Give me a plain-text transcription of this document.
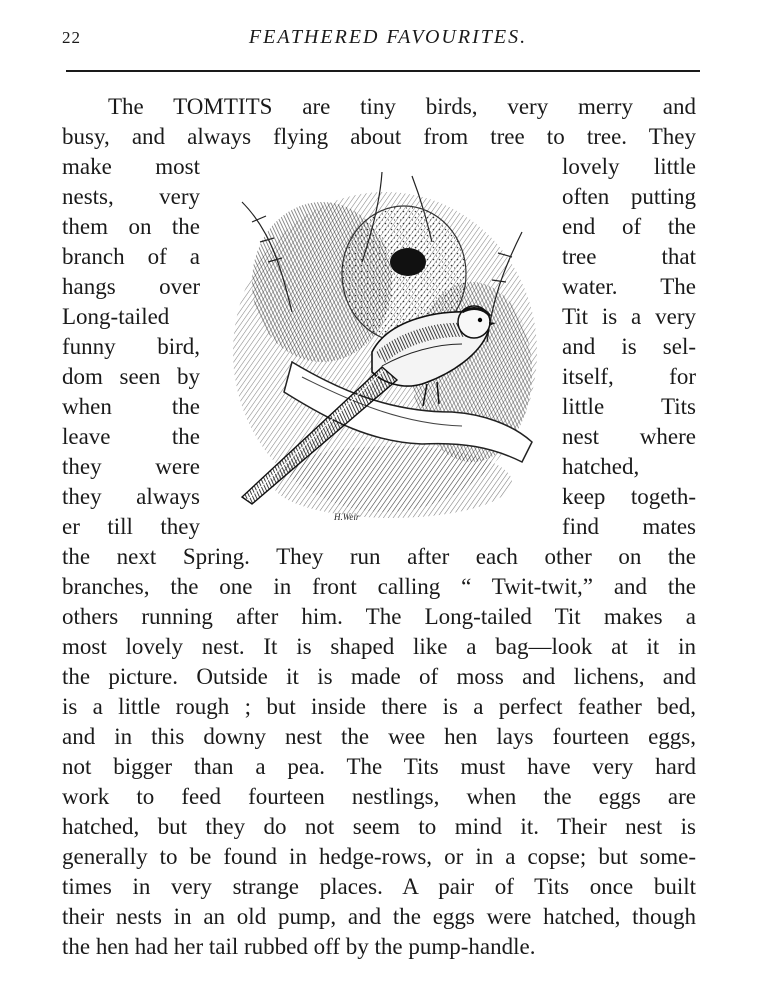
22	FEATHERED FAVOURITES.
The TOMTITS are tiny birds, very merry and
busy, and always flying about from tree to tree. They
make most
nests, very
them on the
branch of a
hangs over
Long-tailed
funny bird,
dom seen by
when the
leave the
they were
they always
er till they
lovely little
often putting
end of the
tree that
water. The
Tit is a very
and is sel-
itself, for
little Tits
nest where
hatched,
keep togeth-
find mates
the next Spring. They run after each other on the
branches, the one in front calling “ Twit-twit,” and the
others running after him. The Long-tailed Tit makes a
most lovely nest. It is shaped like a bag—look at it in
the picture. Outside it is made of moss and lichens, and
is a little rough ; but inside there is a perfect feather bed,
and in this downy nest the wee hen lays fourteen eggs,
not bigger than a pea. The Tits must have very hard
work to feed fourteen nestlings, when the eggs are
hatched, but they do not seem to mind it. Their nest is
generally to be found in hedge-rows, or in a copse; but some-
times in very strange places. A pair of Tits once built
their nests in an old pump, and the eggs were hatched, though
the hen had her tail rubbed off by the pump-handle.
H.Weir
